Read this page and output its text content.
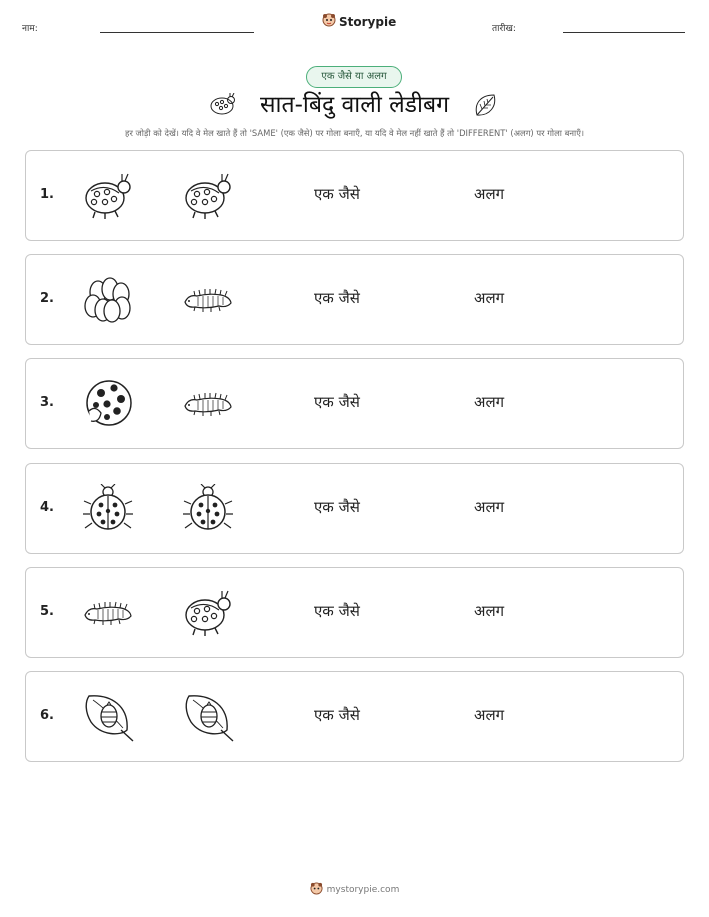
नाम:
Storypie
तारीख:
एक जैसे या अलग
सात-बिंदु वाली लेडीबग
हर जोड़ी को देखें। यदि वे मेल खाते हैं तो 'SAME' (एक जैसे) पर गोला बनाएँ, या यदि वे मेल नहीं खाते हैं तो 'DIFFERENT' (अलग) पर गोला बनाएँ।
1.	एक जैसे	अलग
2.	एक जैसे	अलग
3.	एक जैसे	अलग
4.	एक जैसे	अलग
5.	एक जैसे	अलग
6.	एक जैसे	अलग
mystorypie.com
